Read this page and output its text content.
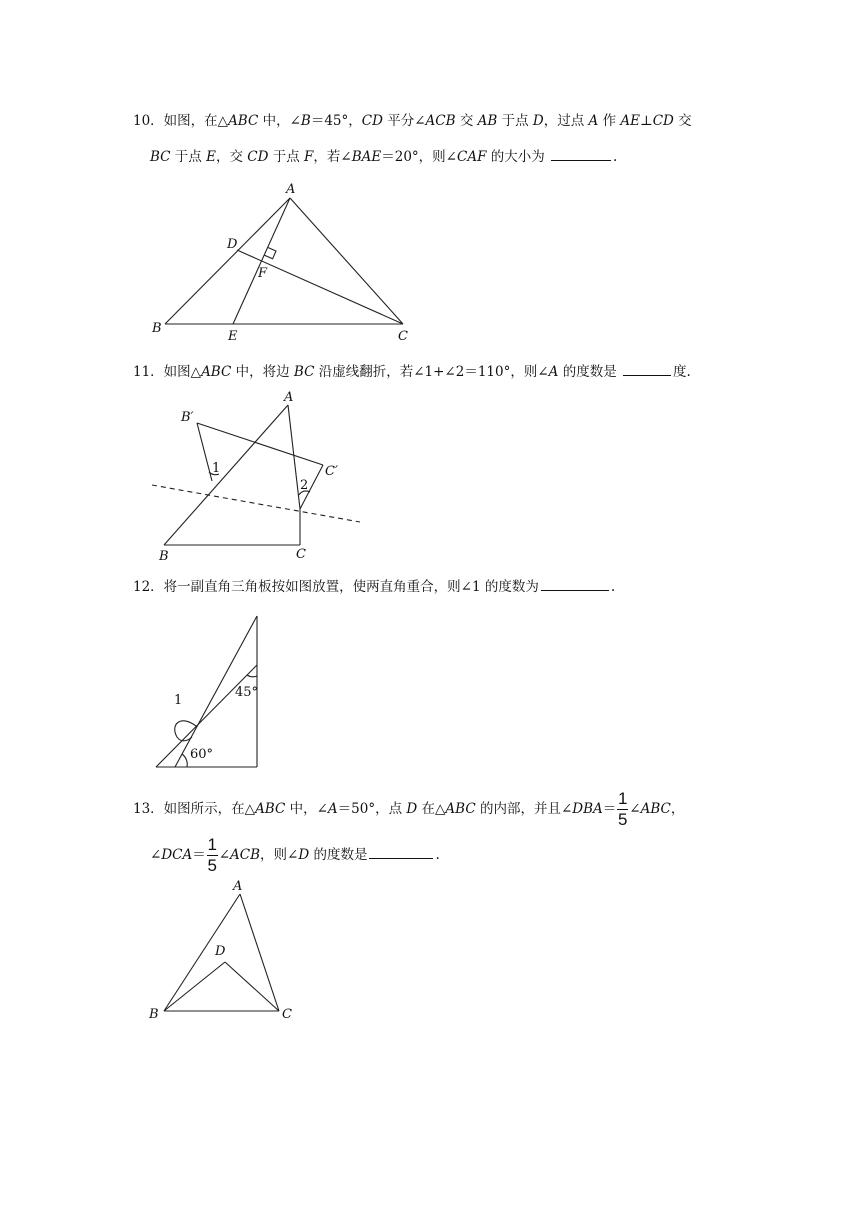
10．如图，在△ABC 中，∠B＝45°，CD 平分∠ACB 交 AB 于点 D，过点 A 作 AE⊥CD 交
BC 于点 E，交 CD 于点 F，若∠BAE＝20°，则∠CAF 的大小为	.
A
B
C
D
E
F
11．如图△ABC 中，将边 BC 沿虚线翻折，若∠1+∠2＝110°，则∠A 的度数是	度.
A
B	C
B′
C′
1
2
12．将一副直角三角板按如图放置，使两直角重合，则∠1 的度数为	.
1
45°
60°
13．如图所示，在△ABC 中，∠A＝50°，点 D 在△ABC 的内部，并且∠DBA＝ $\frac{1}{5}$ ∠ABC，
∠DCA＝ $\frac{1}{5}$ ∠ACB，则∠D 的度数是	.
A
B	C
D
